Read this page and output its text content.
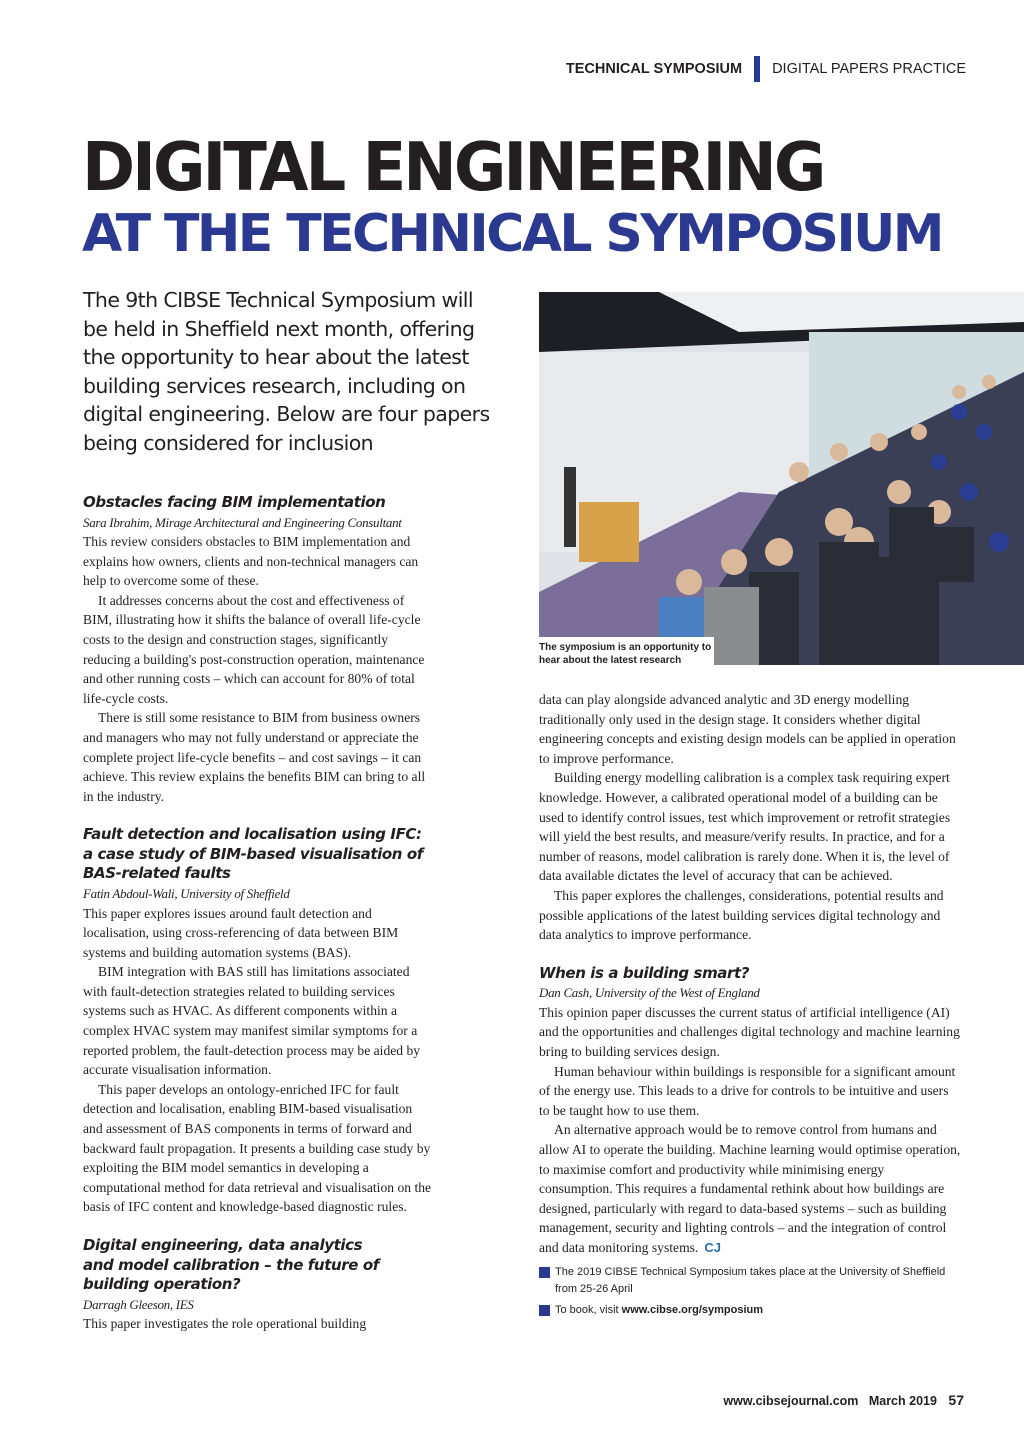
TECHNICAL SYMPOSIUM DIGITAL PAPERS PRACTICE
DIGITAL ENGINEERING
AT THE TECHNICAL SYMPOSIUM
The 9th CIBSE Technical Symposium will be held in Sheffield next month, offering the opportunity to hear about the latest building services research, including on digital engineering. Below are four papers being considered for inclusion
The symposium is an opportunity to hear about the latest research
Obstacles facing BIM implementation
Sara Ibrahim, Mirage Architectural and Engineering Consultant

This review considers obstacles to BIM implementation and explains how owners, clients and non-technical managers can help to overcome some of these.

It addresses concerns about the cost and effectiveness of BIM, illustrating how it shifts the balance of overall life-cycle costs to the design and construction stages, significantly reducing a building's post-construction operation, maintenance and other running costs – which can account for 80% of total life-cycle costs.

There is still some resistance to BIM from business owners and managers who may not fully understand or appreciate the complete project life-cycle benefits – and cost savings – it can achieve. This review explains the benefits BIM can bring to all in the industry.

Fault detection and localisation using IFC: a case study of BIM-based visualisation of BAS-related faults
Fatin Abdoul-Wali, University of Sheffield

This paper explores issues around fault detection and localisation, using cross-referencing of data between BIM systems and building automation systems (BAS).

BIM integration with BAS still has limitations associated with fault-detection strategies related to building services systems such as HVAC. As different components within a complex HVAC system may manifest similar symptoms for a reported problem, the fault-detection process may be aided by accurate visualisation information.

This paper develops an ontology-enriched IFC for fault detection and localisation, enabling BIM-based visualisation and assessment of BAS components in terms of forward and backward fault propagation. It presents a building case study by exploiting the BIM model semantics in developing a computational method for data retrieval and visualisation on the basis of IFC content and knowledge-based diagnostic rules.

Digital engineering, data analytics and model calibration – the future of building operation?
Darragh Gleeson, IES

This paper investigates the role operational building

data can play alongside advanced analytic and 3D energy modelling traditionally only used in the design stage. It considers whether digital engineering concepts and existing design models can be applied in operation to improve performance.

Building energy modelling calibration is a complex task requiring expert knowledge. However, a calibrated operational model of a building can be used to identify control issues, test which improvement or retrofit strategies will yield the best results, and measure/verify results. In practice, and for a number of reasons, model calibration is rarely done. When it is, the level of data available dictates the level of accuracy that can be achieved.

This paper explores the challenges, considerations, potential results and possible applications of the latest building services digital technology and data analytics to improve performance.

When is a building smart?
Dan Cash, University of the West of England

This opinion paper discusses the current status of artificial intelligence (AI) and the opportunities and challenges digital technology and machine learning bring to building services design.

Human behaviour within buildings is responsible for a significant amount of the energy use. This leads to a drive for controls to be intuitive and users to be taught how to use them.

An alternative approach would be to remove control from humans and allow AI to operate the building. Machine learning would optimise operation, to maximise comfort and productivity while minimising energy consumption. This requires a fundamental rethink about how buildings are designed, particularly with regard to data-based systems – such as building management, security and lighting controls – and the integration of control and data monitoring systems. CJ

The 2019 CIBSE Technical Symposium takes place at the University of Sheffield from 25-26 April
To book, visit www.cibse.org/symposium
www.cibsejournal.com March 2019 57
